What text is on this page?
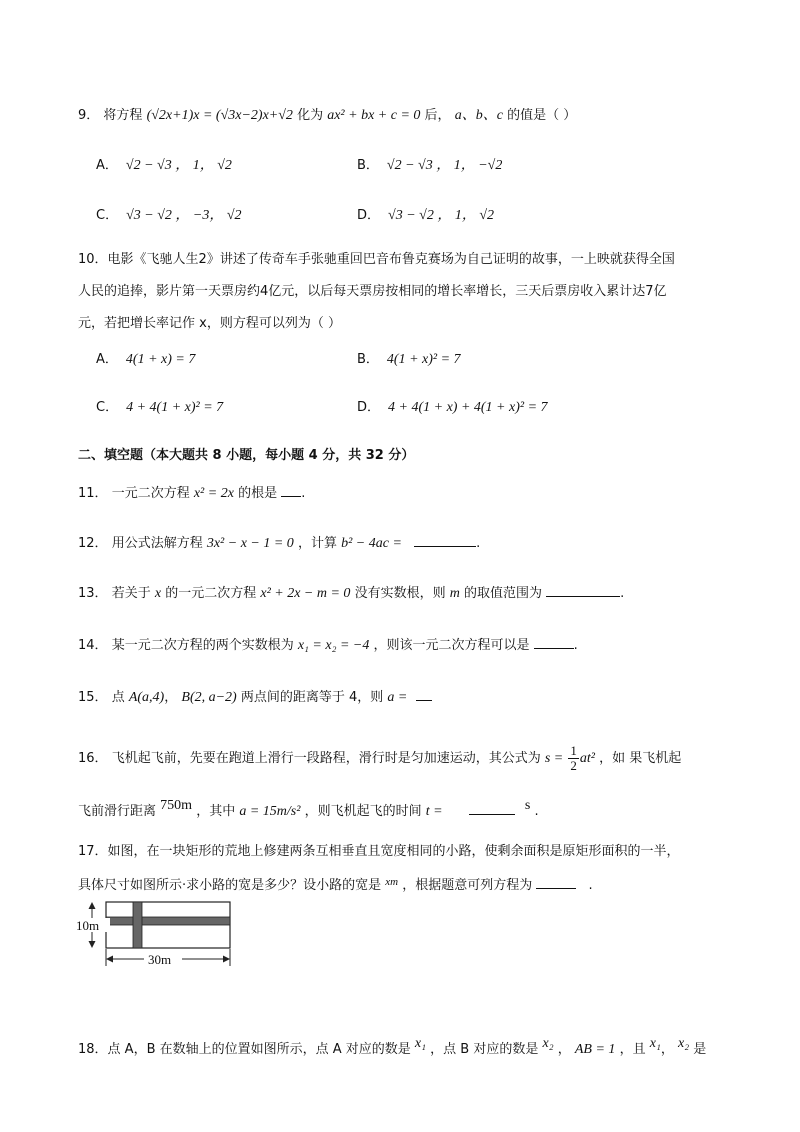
9． 将方程 (√2x+1)x = (√3x−2)x+√2 化为 ax² + bx + c = 0 后， a、b、c 的值是（ ）
A． √2 − √3 ， 1， √2	B． √2 − √3 ， 1， −√2
C． √3 − √2 ， −3， √2	D． √3 − √2 ， 1， √2
10．电影《飞驰人生2》讲述了传奇车手张驰重回巴音布鲁克赛场为自己证明的故事，一上映就获得全国
人民的追捧，影片第一天票房约4亿元，以后每天票房按相同的增长率增长，三天后票房收入累计达7亿
元，若把增长率记作 x，则方程可以列为（ ）
A． 4(1 + x) = 7	B． 4(1 + x)² = 7
C． 4 + 4(1 + x)² = 7	D． 4 + 4(1 + x) + 4(1 + x)² = 7
二、填空题（本大题共 8 小题，每小题 4 分，共 32 分）
11． 一元二次方程 x² = 2x 的根是 .
12． 用公式法解方程 3x² − x − 1 = 0 ，计算 b² − 4ac =	.
13． 若关于 x 的一元二次方程 x² + 2x − m = 0 没有实数根，则 m 的取值范围为	.
14． 某一元二次方程的两个实数根为 x₁ = x₂ = −4 ，则该一元二次方程可以是	.
15． 点 A(a,4)， B(2, a−2) 两点间的距离等于 4，则 a =
16． 飞机起飞前，先要在跑道上滑行一段路程，滑行时是匀加速运动，其公式为 $s = \frac{1}{2} at^2$ ，如 果飞机起
飞前滑行距离 750m ，其中 a = 15m/s² ，则飞机起飞的时间 t =	s .
17．如图，在一块矩形的荒地上修建两条互相垂直且宽度相同的小路，使剩余面积是原矩形面积的一半，
具体尺寸如图所示·求小路的宽是多少？设小路的宽是 $^{xm}$ ，根据题意可列方程为	.
10m
30m
18．点 A，B 在数轴上的位置如图所示，点 A 对应的数是 x₁ ，点 B 对应的数是 x₂ ， AB = 1 ，且 x₁， x₂ 是
